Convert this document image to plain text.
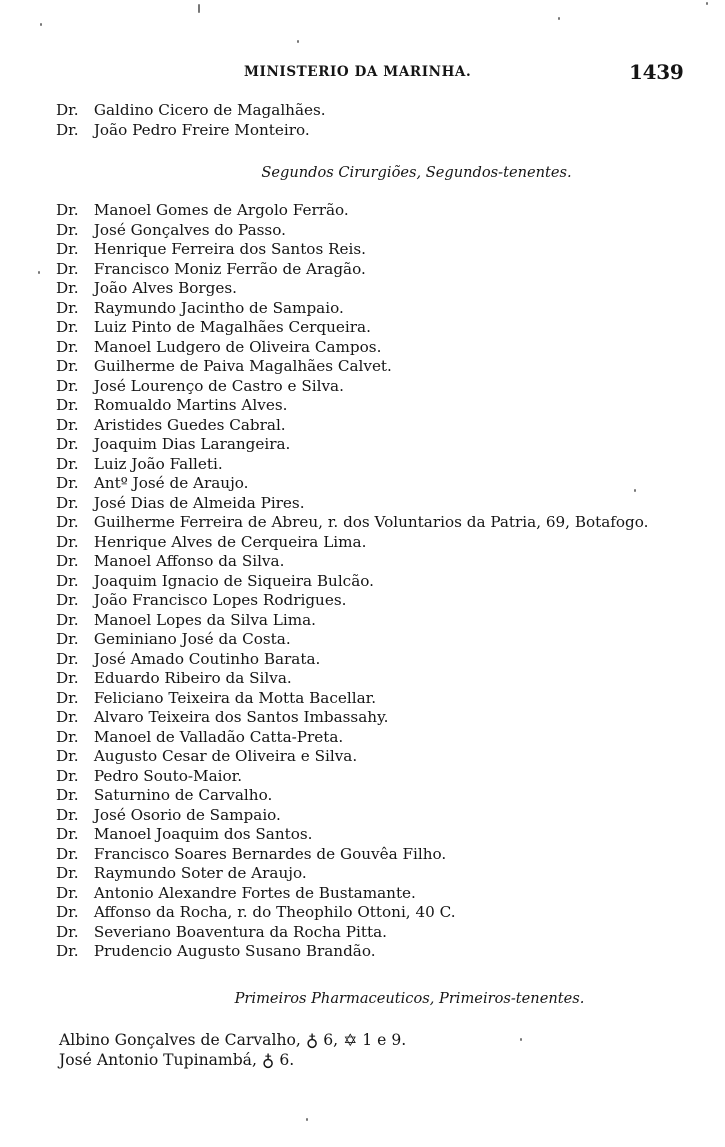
MINISTERIO DA MARINHA.	1439
Dr. Galdino Cicero de Magalhães.
Dr. João Pedro Freire Monteiro.
Segundos Cirurgiões, Segundos-tenentes.
Dr. Manoel Gomes de Argolo Ferrão.
Dr. José Gonçalves do Passo.
Dr. Henrique Ferreira dos Santos Reis.
Dr. Francisco Moniz Ferrão de Aragão.
Dr. João Alves Borges.
Dr. Raymundo Jacintho de Sampaio.
Dr. Luiz Pinto de Magalhães Cerqueira.
Dr. Manoel Ludgero de Oliveira Campos.
Dr. Guilherme de Paiva Magalhães Calvet.
Dr. José Lourenço de Castro e Silva.
Dr. Romualdo Martins Alves.
Dr. Aristides Guedes Cabral.
Dr. Joaquim Dias Larangeira.
Dr. Luiz João Falleti.
Dr. Antº José de Araujo.
Dr. José Dias de Almeida Pires.
Dr. Guilherme Ferreira de Abreu, r. dos Voluntarios da Patria, 69, Botafogo.
Dr. Henrique Alves de Cerqueira Lima.
Dr. Manoel Affonso da Silva.
Dr. Joaquim Ignacio de Siqueira Bulcão.
Dr. João Francisco Lopes Rodrigues.
Dr. Manoel Lopes da Silva Lima.
Dr. Geminiano José da Costa.
Dr. José Amado Coutinho Barata.
Dr. Eduardo Ribeiro da Silva.
Dr. Feliciano Teixeira da Motta Bacellar.
Dr. Alvaro Teixeira dos Santos Imbassahy.
Dr. Manoel de Valladão Catta-Preta.
Dr. Augusto Cesar de Oliveira e Silva.
Dr. Pedro Souto-Maior.
Dr. Saturnino de Carvalho.
Dr. José Osorio de Sampaio.
Dr. Manoel Joaquim dos Santos.
Dr. Francisco Soares Bernardes de Gouvêa Filho.
Dr. Raymundo Soter de Araujo.
Dr. Antonio Alexandre Fortes de Bustamante.
Dr. Affonso da Rocha, r. do Theophilo Ottoni, 40 C.
Dr. Severiano Boaventura da Rocha Pitta.
Dr. Prudencio Augusto Susano Brandão.
Primeiros Pharmaceuticos, Primeiros-tenentes.
Albino Gonçalves de Carvalho, ♁ 6, ✡ 1 e 9.
José Antonio Tupinambá, ♁ 6.
